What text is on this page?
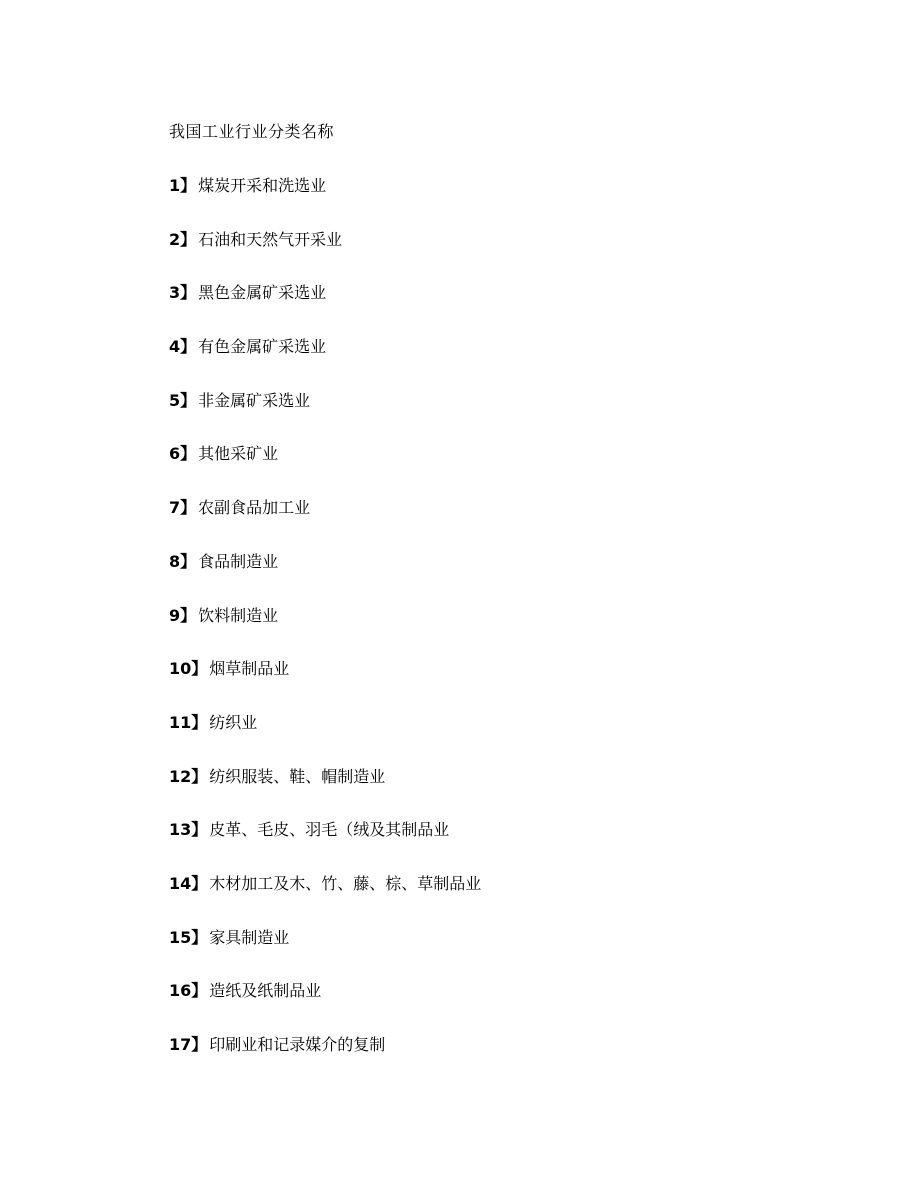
我国工业行业分类名称
1】 煤炭开采和洗选业
2】 石油和天然气开采业
3】 黑色金属矿采选业
4】 有色金属矿采选业
5】 非金属矿采选业
6】 其他采矿业
7】 农副食品加工业
8】 食品制造业
9】 饮料制造业
10】 烟草制品业
11】 纺织业
12】 纺织服装、鞋、帽制造业
13】 皮革、毛皮、羽毛（绒及其制品业
14】 木材加工及木、竹、藤、棕、草制品业
15】 家具制造业
16】 造纸及纸制品业
17】 印刷业和记录媒介的复制
